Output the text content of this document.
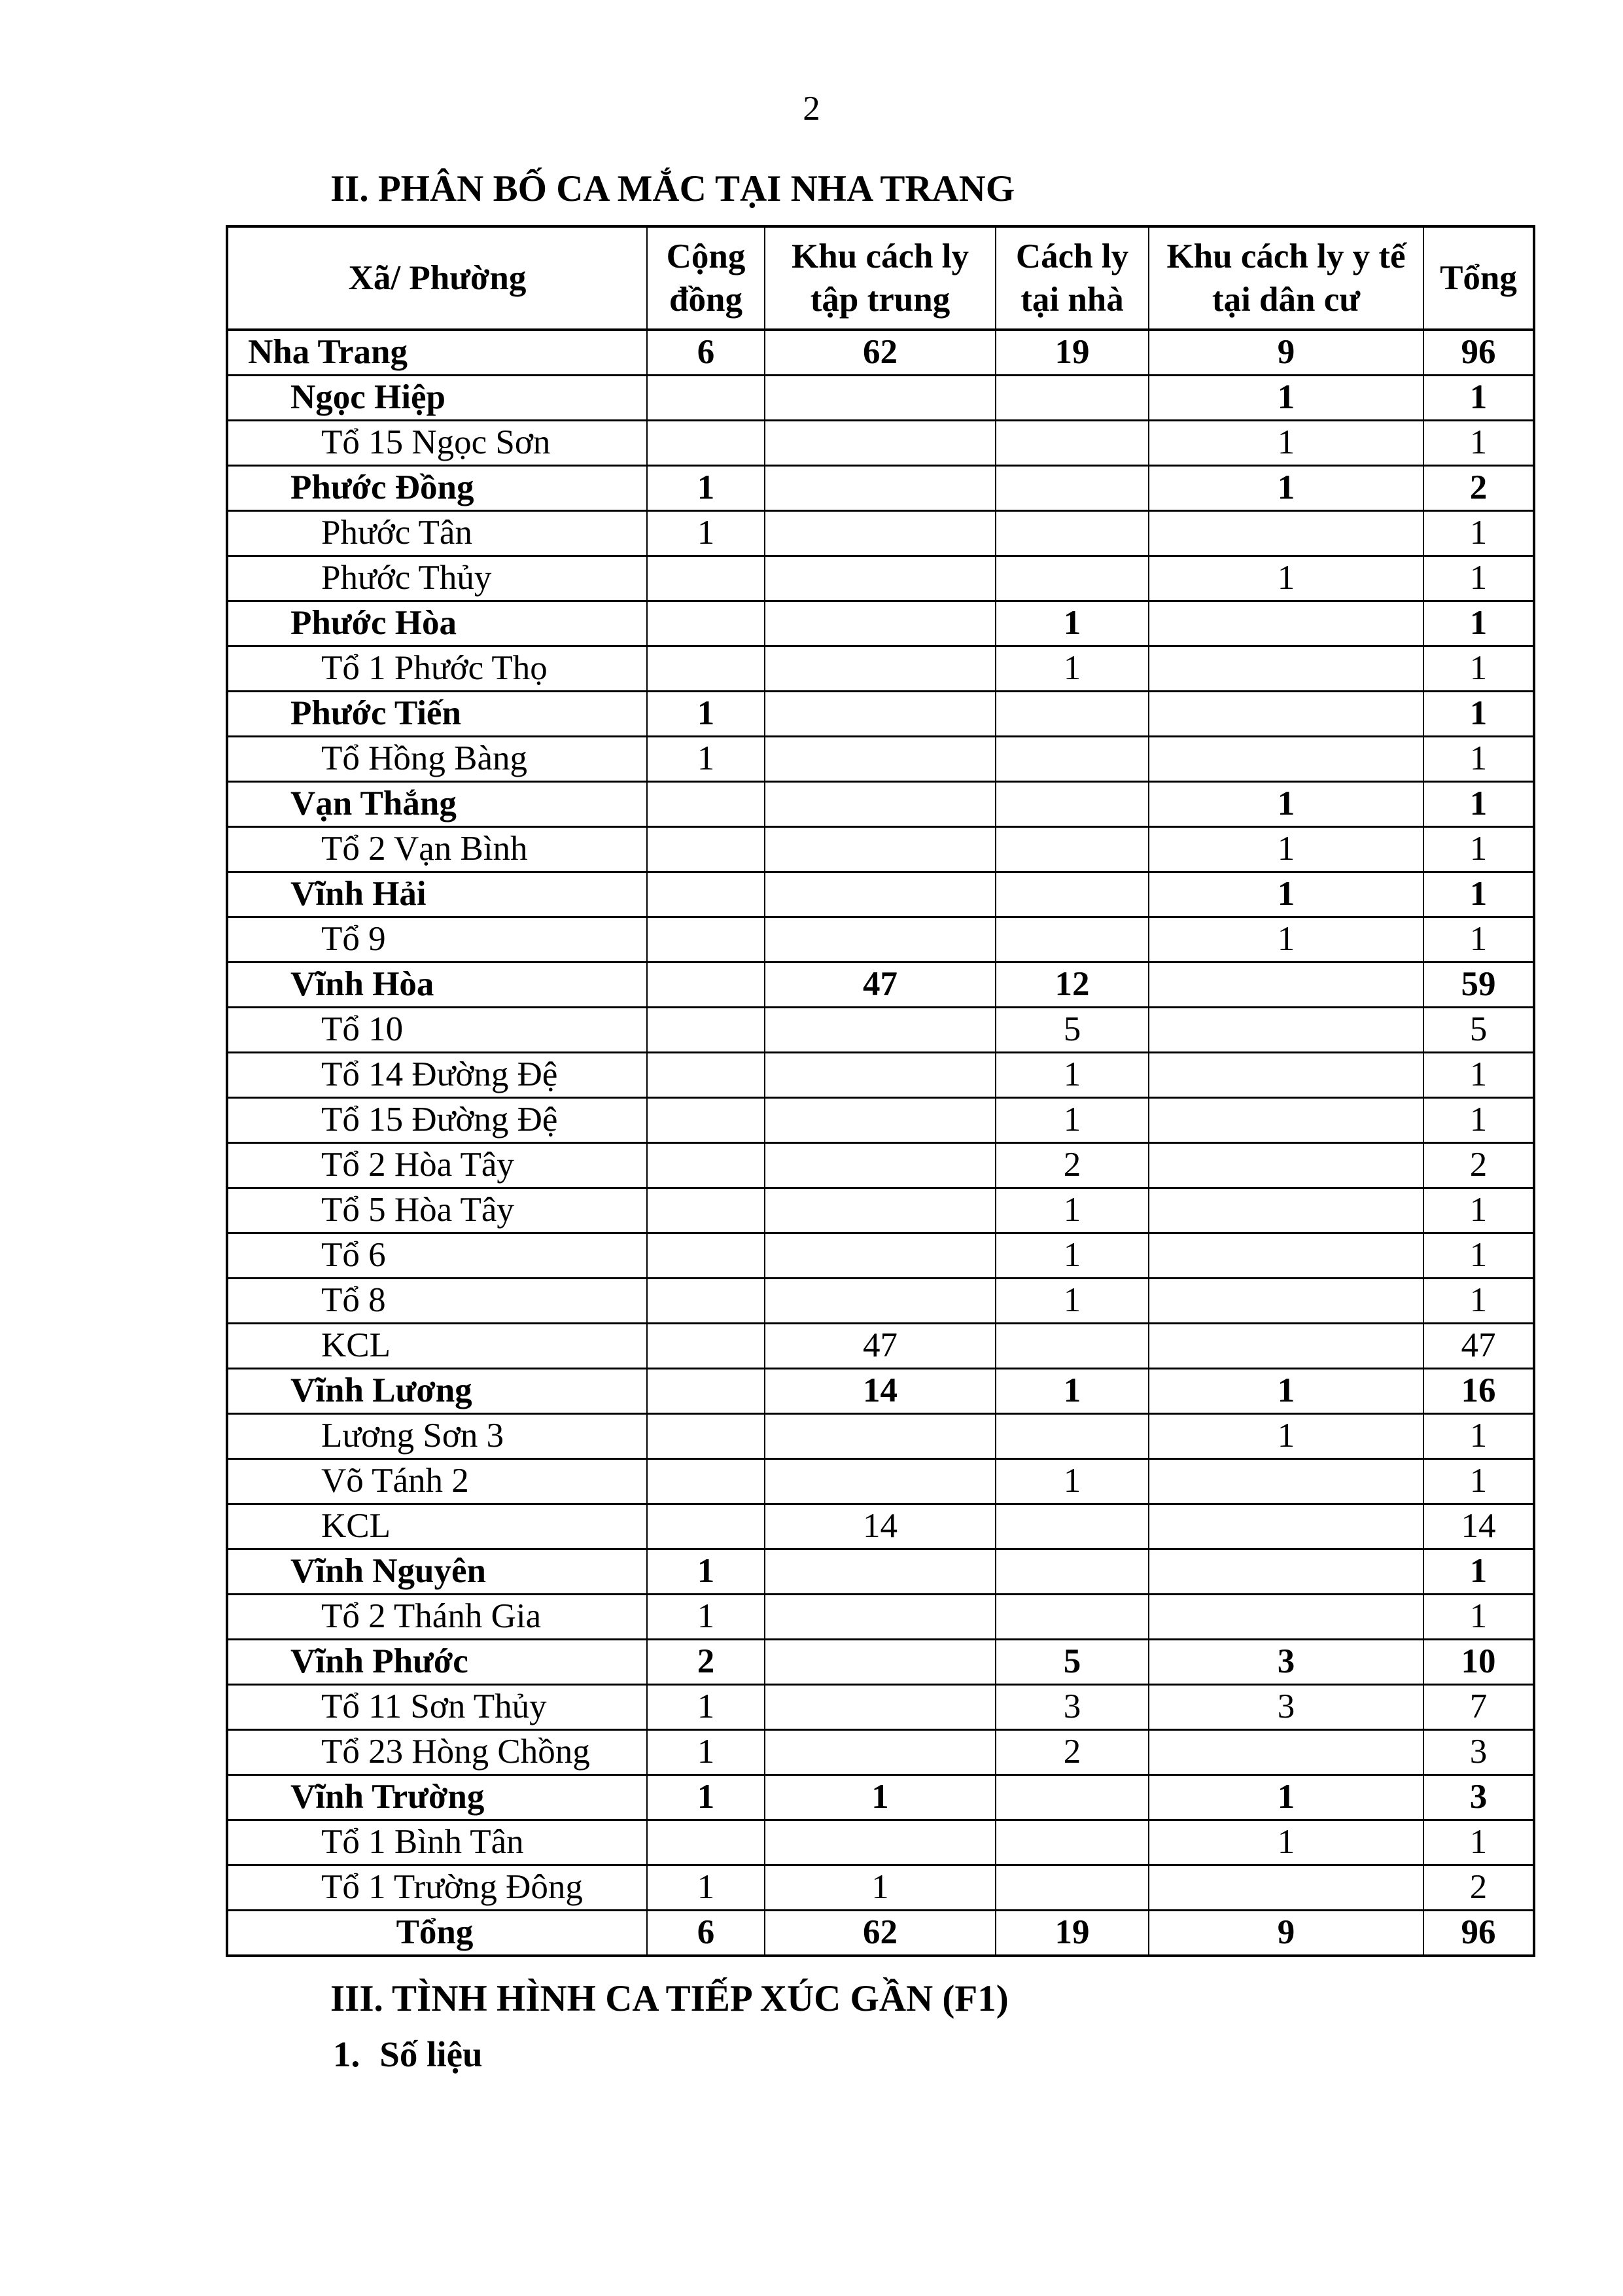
2
II. PHÂN BỐ CA MẮC TẠI NHA TRANG
Xã/ Phường	Cộng đồng	Khu cách ly tập trung	Cách ly tại nhà	Khu cách ly y tế tại dân cư	Tổng
Nha Trang	6	62	19	9	96
Ngọc Hiệp				1	1
Tổ 15 Ngọc Sơn				1	1
Phước Đồng	1			1	2
Phước Tân	1				1
Phước Thủy				1	1
Phước Hòa			1		1
Tổ 1 Phước Thọ			1		1
Phước Tiến	1				1
Tổ Hồng Bàng	1				1
Vạn Thắng				1	1
Tổ 2 Vạn Bình				1	1
Vĩnh Hải				1	1
Tổ 9				1	1
Vĩnh Hòa		47	12		59
Tổ 10			5		5
Tổ 14 Đường Đệ			1		1
Tổ 15 Đường Đệ			1		1
Tổ 2 Hòa Tây			2		2
Tổ 5 Hòa Tây			1		1
Tổ 6			1		1
Tổ 8			1		1
KCL		47			47
Vĩnh Lương		14	1	1	16
Lương Sơn 3				1	1
Võ Tánh 2			1		1
KCL		14			14
Vĩnh Nguyên	1				1
Tổ 2 Thánh Gia	1				1
Vĩnh Phước	2		5	3	10
Tổ 11 Sơn Thủy	1		3	3	7
Tổ 23 Hòng Chồng	1		2		3
Vĩnh Trường	1	1		1	3
Tổ 1 Bình Tân				1	1
Tổ 1 Trường Đông	1	1			2
Tổng	6	62	19	9	96
III. TÌNH HÌNH CA TIẾP XÚC GẦN (F1)
1. Số liệu
